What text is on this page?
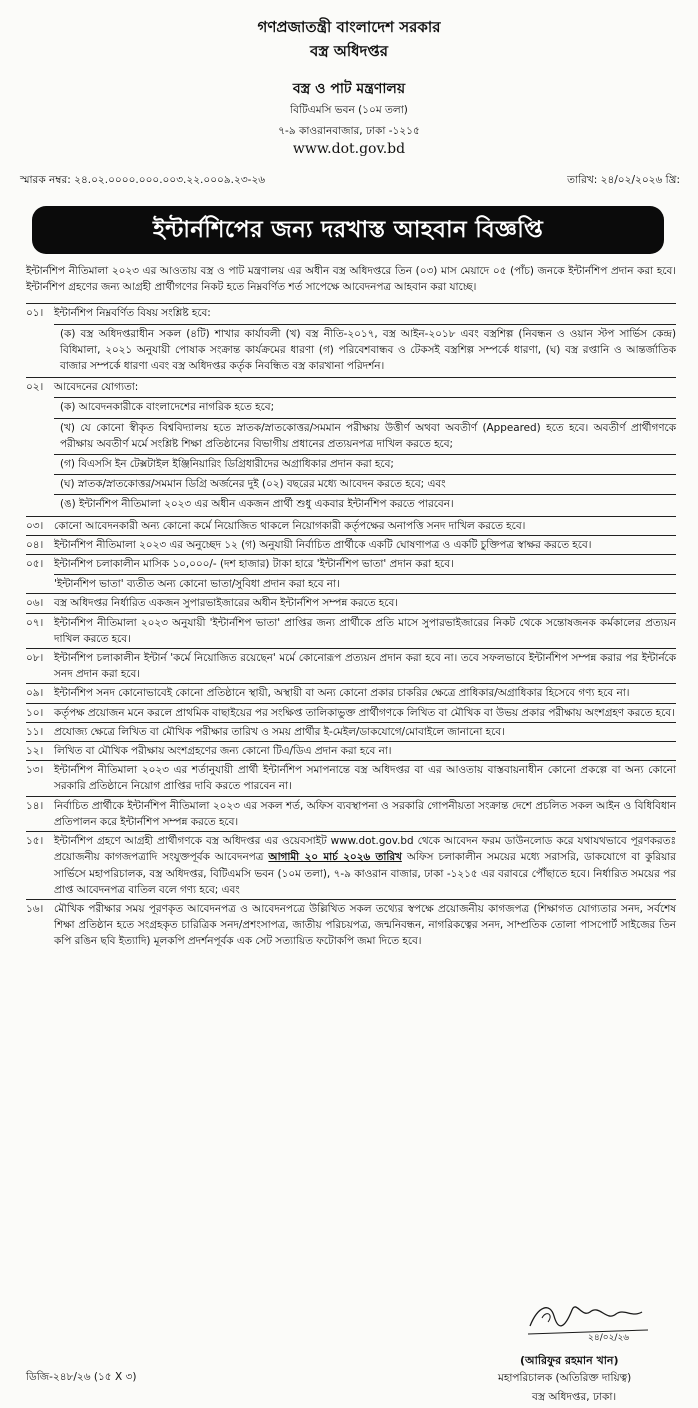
গণপ্রজাতন্ত্রী বাংলাদেশ সরকার
বস্ত্র অধিদপ্তর
বস্ত্র ও পাট মন্ত্রণালয়
বিটিএমসি ভবন (১০ম তলা)
৭-৯ কাওরানবাজার, ঢাকা -১২১৫
www.dot.gov.bd
স্মারক নম্বর: ২৪.০২.০০০০.০০০.০০৩.২২.০০০৯.২৩-২৬	তারিখ: ২৪/০২/২০২৬ খ্রি:
ইন্টার্নশিপের জন্য দরখাস্ত আহবান বিজ্ঞপ্তি

ইন্টার্নশিপ নীতিমালা ২০২৩ এর আওতায় বস্ত্র ও পাট মন্ত্রণালয় এর অধীন বস্ত্র অধিদপ্তরে তিন (০৩) মাস মেয়াদে ০৫ (পাঁচ) জনকে ইন্টার্নশিপ প্রদান করা হবে। ইন্টার্নশিপ গ্রহণের জন্য আগ্রহী প্রার্থীগণের নিকট হতে নিম্নবর্ণিত শর্ত সাপেক্ষে আবেদনপত্র আহবান করা যাচ্ছে।

০১।	ইন্টার্নশিপ নিম্নবর্ণিত বিষয় সংশ্লিষ্ট হবে:

(ক) বস্ত্র অধিদপ্তরাধীন সকল (৪টি) শাখার কার্যাবলী (খ) বস্ত্র নীতি-২০১৭, বস্ত্র আইন-২০১৮ এবং বস্ত্রশিল্প (নিবন্ধন ও ওয়ান স্টপ সার্ভিস কেন্দ্র) বিধিমালা, ২০২১ অনুযায়ী পোষাক সংক্রান্ত কার্যক্রমের ধারণা (গ) পরিবেশবান্ধব ও টেকসই বস্ত্রশিল্প সম্পর্কে ধারণা, (ঘ) বস্ত্র রপ্তানি ও আন্তর্জাতিক বাজার সম্পর্কে ধারণা এবং বস্ত্র অধিদপ্তর কর্তৃক নিবন্ধিত বস্ত্র কারখানা পরিদর্শন।

০২।	আবেদনের যোগ্যতা:

(ক) আবেদনকারীকে বাংলাদেশের নাগরিক হতে হবে;

(খ) যে কোনো স্বীকৃত বিশ্ববিদ্যালয় হতে স্নাতক/স্নাতকোত্তর/সমমান পরীক্ষায় উত্তীর্ণ অথবা অবতীর্ণ (Appeared) হতে হবে। অবতীর্ণ প্রার্থীগণকে পরীক্ষায় অবতীর্ণ মর্মে সংশ্লিষ্ট শিক্ষা প্রতিষ্ঠানের বিভাগীয় প্রধানের প্রত্যয়নপত্র দাখিল করতে হবে;

(গ) বিএসসি ইন টেক্সটাইল ইঞ্জিনিয়ারিং ডিগ্রিধারীদের অগ্রাধিকার প্রদান করা হবে;

(ঘ) স্নাতক/স্নাতকোত্তর/সমমান ডিগ্রি অর্জনের দুই (০২) বছরের মধ্যে আবেদন করতে হবে; এবং

(ঙ) ইন্টার্নশিপ নীতিমালা ২০২৩ এর অধীন একজন প্রার্থী শুধু একবার ইন্টার্নশিপ করতে পারবেন।

০৩।	কোনো আবেদনকারী অন্য কোনো কর্মে নিয়োজিত থাকলে নিয়োগকারী কর্তৃপক্ষের অনাপত্তি সনদ দাখিল করতে হবে।

০৪।	ইন্টার্নশিপ নীতিমালা ২০২৩ এর অনুচ্ছেদ ১২ (গ) অনুযায়ী নির্বাচিত প্রার্থীকে একটি ঘোষণাপত্র ও একটি চুক্তিপত্র স্বাক্ষর করতে হবে।

০৫।	ইন্টার্নশিপ চলাকালীন মাসিক ১০,০০০/- (দশ হাজার) টাকা হারে 'ইন্টার্নশিপ ভাতা' প্রদান করা হবে।

'ইন্টার্নশিপ ভাতা' ব্যতীত অন্য কোনো ভাতা/সুবিধা প্রদান করা হবে না।

০৬।	বস্ত্র অধিদপ্তর নির্ধারিত একজন সুপারভাইজারের অধীন ইন্টার্নশিপ সম্পন্ন করতে হবে।

০৭।	ইন্টার্নশিপ নীতিমালা ২০২৩ অনুযায়ী 'ইন্টার্নশিপ ভাতা' প্রাপ্তির জন্য প্রার্থীকে প্রতি মাসে সুপারভাইজারের নিকট থেকে সন্তোষজনক কর্মকালের প্রত্যয়ন দাখিল করতে হবে।

০৮।	ইন্টার্নশিপ চলাকালীন ইন্টার্ন 'কর্মে নিয়োজিত রয়েছেন' মর্মে কোনোরূপ প্রত্যয়ন প্রদান করা হবে না। তবে সফলভাবে ইন্টার্নশিপ সম্পন্ন করার পর ইন্টার্নকে সনদ প্রদান করা হবে।

০৯।	ইন্টার্নশিপ সনদ কোনোভাবেই কোনো প্রতিষ্ঠানে স্থায়ী, অস্থায়ী বা অন্য কোনো প্রকার চাকরির ক্ষেত্রে প্রাধিকার/অগ্রাধিকার হিসেবে গণ্য হবে না।

১০।	কর্তৃপক্ষ প্রয়োজন মনে করলে প্রাথমিক বাছাইয়ের পর সংক্ষিপ্ত তালিকাভুক্ত প্রার্থীগণকে লিখিত বা মৌখিক বা উভয় প্রকার পরীক্ষায় অংশগ্রহণ করতে হবে।

১১।	প্রযোজ্য ক্ষেত্রে লিখিত বা মৌখিক পরীক্ষার তারিখ ও সময় প্রার্থীর ই-মেইল/ডাকযোগে/মোবাইলে জানানো হবে।

১২।	লিখিত বা মৌখিক পরীক্ষায় অংশগ্রহণের জন্য কোনো টিএ/ডিএ প্রদান করা হবে না।

১৩।	ইন্টার্নশিপ নীতিমালা ২০২৩ এর শর্তানুযায়ী প্রার্থী ইন্টার্নশিপ সমাপনান্তে বস্ত্র অধিদপ্তর বা এর আওতায় বাস্তবায়নাধীন কোনো প্রকল্পে বা অন্য কোনো সরকারি প্রতিষ্ঠানে নিয়োগ প্রাপ্তির দাবি করতে পারবেন না।

১৪।	নির্বাচিত প্রার্থীকে ইন্টার্নশিপ নীতিমালা ২০২৩ এর সকল শর্ত, অফিস ব্যবস্থাপনা ও সরকারি গোপনীয়তা সংক্রান্ত দেশে প্রচলিত সকল আইন ও বিধিবিধান প্রতিপালন করে ইন্টার্নশিপ সম্পন্ন করতে হবে।

১৫।	ইন্টার্নশিপ গ্রহণে আগ্রহী প্রার্থীগণকে বস্ত্র অধিদপ্তর এর ওয়েবসাইট www.dot.gov.bd থেকে আবেদন ফরম ডাউনলোড করে যথাযথভাবে পূরণকরতঃ প্রয়োজনীয় কাগজপত্রাদি সংযুক্তপূর্বক আবেদনপত্র আগামী ২০ মার্চ ২০২৬ তারিখ অফিস চলাকালীন সময়ের মধ্যে সরাসরি, ডাকযোগে বা কুরিয়ার সার্ভিসে মহাপরিচালক, বস্ত্র অধিদপ্তর, বিটিএমসি ভবন (১০ম তলা), ৭-৯ কাওরান বাজার, ঢাকা -১২১৫ এর বরাবরে পৌঁছাতে হবে। নির্ধারিত সময়ের পর প্রাপ্ত আবেদনপত্র বাতিল বলে গণ্য হবে; এবং

১৬।	মৌখিক পরীক্ষার সময় পূরণকৃত আবেদনপত্র ও আবেদনপত্রে উল্লিখিত সকল তথ্যের স্বপক্ষে প্রয়োজনীয় কাগজপত্র (শিক্ষাগত যোগ্যতার সনদ, সর্বশেষ শিক্ষা প্রতিষ্ঠান হতে সংগ্রহকৃত চারিত্রিক সনদ/প্রশংসাপত্র, জাতীয় পরিচয়পত্র, জন্মনিবন্ধন, নাগরিকত্বের সনদ, সাম্প্রতিক তোলা পাসপোর্ট সাইজের তিন কপি রঙিন ছবি ইত্যাদি) মূলকপি প্রদর্শনপূর্বক এক সেট সত্যায়িত ফটোকপি জমা দিতে হবে।

২৪/০২/২৬
(আরিফুর রহমান খান)
মহাপরিচালক (অতিরিক্ত দায়িত্ব)
বস্ত্র অধিদপ্তর, ঢাকা।
ডিজি-২৪৮/২৬ (১৫ X ৩)
